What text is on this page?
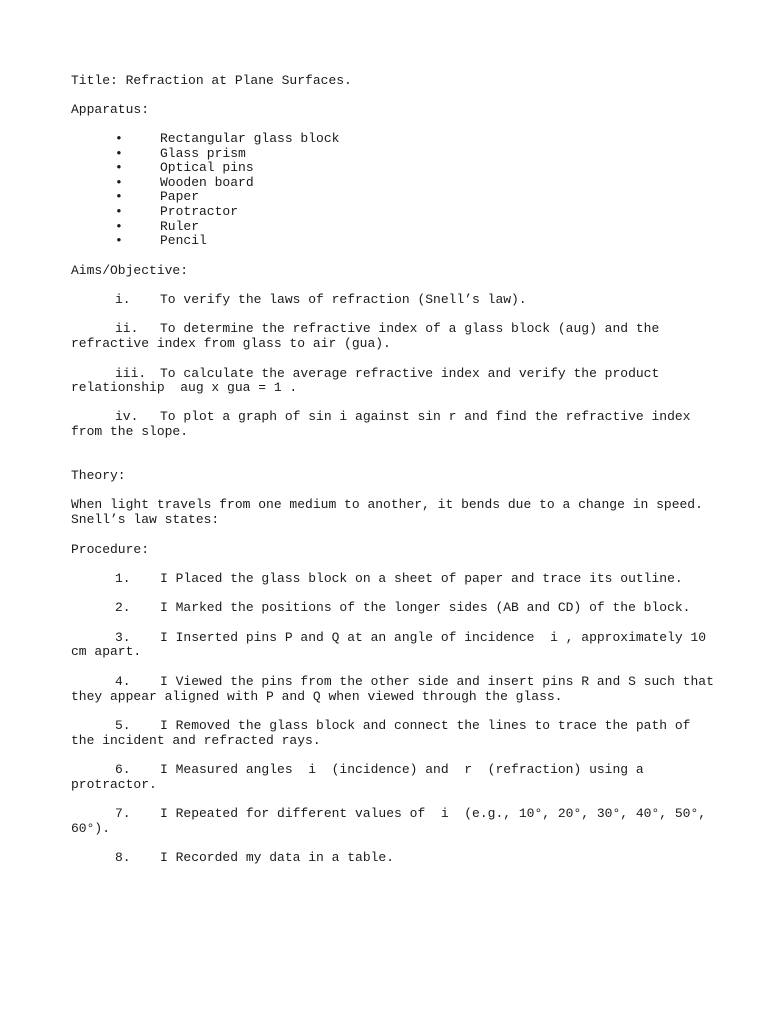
Title: Refraction at Plane Surfaces.
Apparatus:
•	Rectangular glass block
•	Glass prism
•	Optical pins
•	Wooden board
•	Paper
•	Protractor
•	Ruler
•	Pencil
Aims/Objective:
i. To verify the laws of refraction (Snell’s law).
ii. To determine the refractive index of a glass block (aug) and the
refractive index from glass to air (gua).
iii. To calculate the average refractive index and verify the product
relationship  aug x gua = 1 .
iv. To plot a graph of sin i against sin r and find the refractive index
from the slope.
Theory:
When light travels from one medium to another, it bends due to a change in speed.
Snell’s law states:
Procedure:
1. I Placed the glass block on a sheet of paper and trace its outline.
2. I Marked the positions of the longer sides (AB and CD) of the block.
3. I Inserted pins P and Q at an angle of incidence  i , approximately 10
cm apart.
4. I Viewed the pins from the other side and insert pins R and S such that
they appear aligned with P and Q when viewed through the glass.
5. I Removed the glass block and connect the lines to trace the path of
the incident and refracted rays.
6. I Measured angles  i  (incidence) and  r  (refraction) using a
protractor.
7. I Repeated for different values of  i  (e.g., 10°, 20°, 30°, 40°, 50°,
60°).
8. I Recorded my data in a table.
